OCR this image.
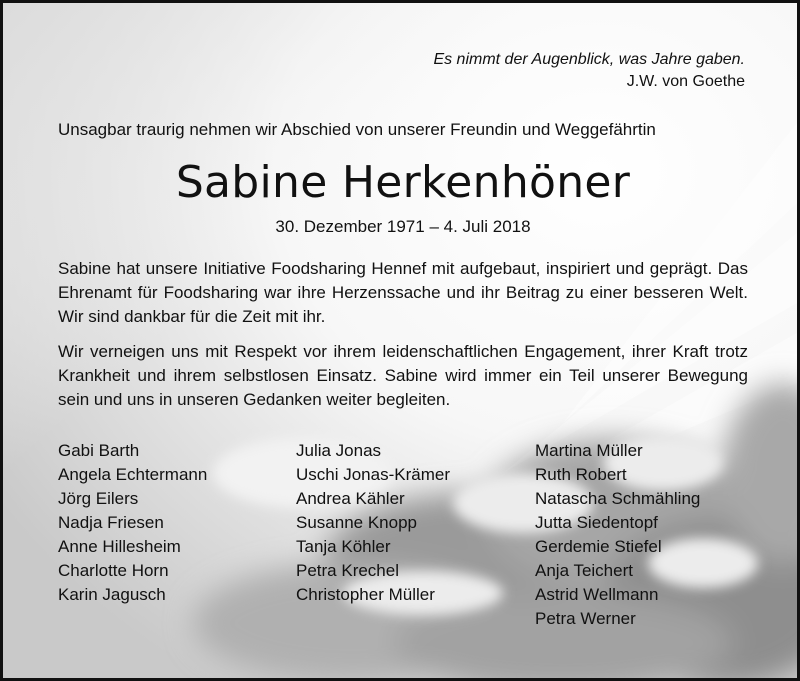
Es nimmt der Augenblick, was Jahre gaben.
J.W. von Goethe
Unsagbar traurig nehmen wir Abschied von unserer Freundin und Weggefährtin
Sabine Herkenhöner
30. Dezember 1971 – 4. Juli 2018
Sabine hat unsere Initiative Foodsharing Hennef mit aufgebaut, inspiriert und geprägt. Das Ehrenamt für Foodsharing war ihre Herzenssache und ihr Beitrag zu einer besseren Welt. Wir sind dankbar für die Zeit mit ihr.
Wir verneigen uns mit Respekt vor ihrem leidenschaftlichen Engagement, ihrer Kraft trotz Krankheit und ihrem selbstlosen Einsatz. Sabine wird immer ein Teil unserer Bewegung sein und uns in unseren Gedanken weiter begleiten.
Gabi Barth
Angela Echtermann
Jörg Eilers
Nadja Friesen
Anne Hillesheim
Charlotte Horn
Karin Jagusch
Julia Jonas
Uschi Jonas-Krämer
Andrea Kähler
Susanne Knopp
Tanja Köhler
Petra Krechel
Christopher Müller
Martina Müller
Ruth Robert
Natascha Schmähling
Jutta Siedentopf
Gerdemie Stiefel
Anja Teichert
Astrid Wellmann
Petra Werner
